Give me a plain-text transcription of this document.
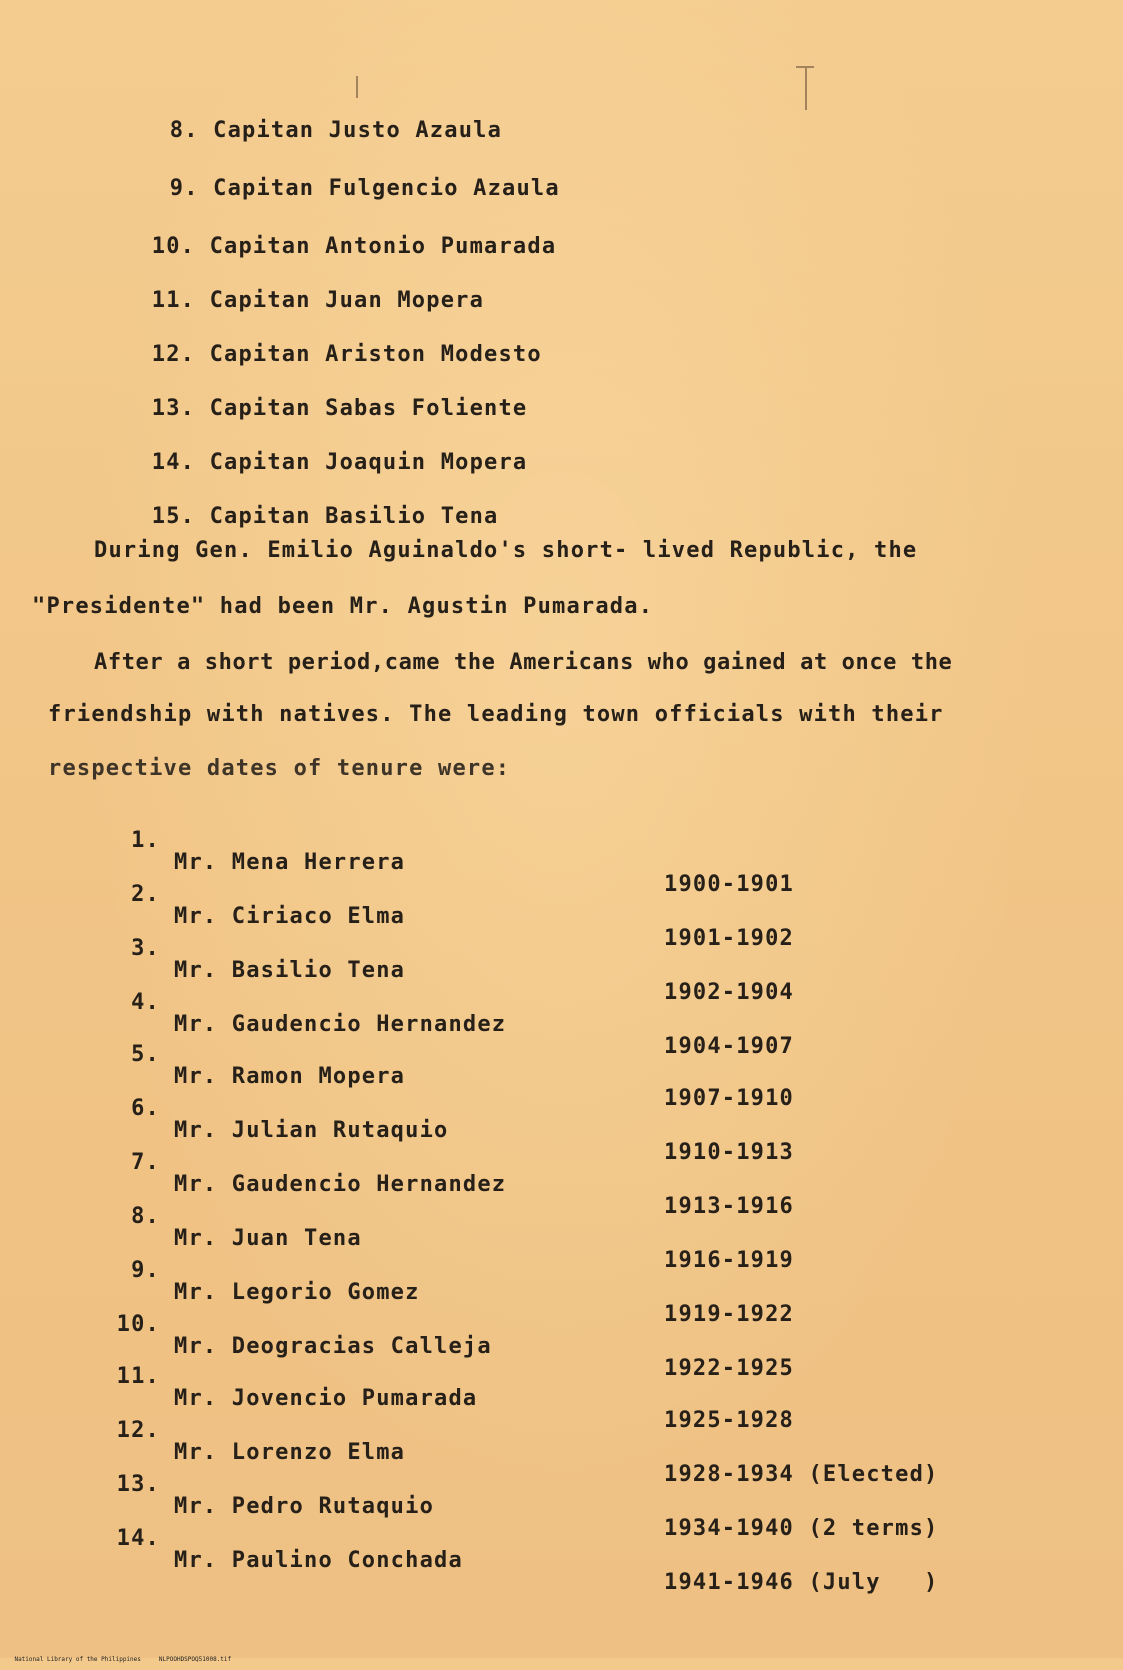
8. Capitan Justo Azaula

9. Capitan Fulgencio Azaula

10. Capitan Antonio Pumarada

11. Capitan Juan Mopera

12. Capitan Ariston Modesto

13. Capitan Sabas Foliente

14. Capitan Joaquin Mopera

15. Capitan Basilio Tena

During Gen. Emilio Aguinaldo's short- lived Republic, the
"Presidente" had been Mr. Agustin Pumarada.
After a short period,came the Americans who gained at once the
friendship with natives. The leading town officials with their
respective dates of tenure were:

1.

Mr. Mena Herrera

1900-1901

2.

Mr. Ciriaco Elma

1901-1902

3.

Mr. Basilio Tena

1902-1904

4.

Mr. Gaudencio Hernandez

1904-1907

5.

Mr. Ramon Mopera

1907-1910

6.

Mr. Julian Rutaquio

1910-1913

7.

Mr. Gaudencio Hernandez

1913-1916

8.

Mr. Juan Tena

1916-1919

9.

Mr. Legorio Gomez

1919-1922

10.

Mr. Deogracias Calleja

1922-1925

11.

Mr. Jovencio Pumarada

1925-1928

12.

Mr. Lorenzo Elma

1928-1934 (Elected)

13.

Mr. Pedro Rutaquio

1934-1940 (2 terms)

14.

Mr. Paulino Conchada

1941-1946 (July   )

National Library of the Philippines	NLPOOHDSPOQ51008.tif
